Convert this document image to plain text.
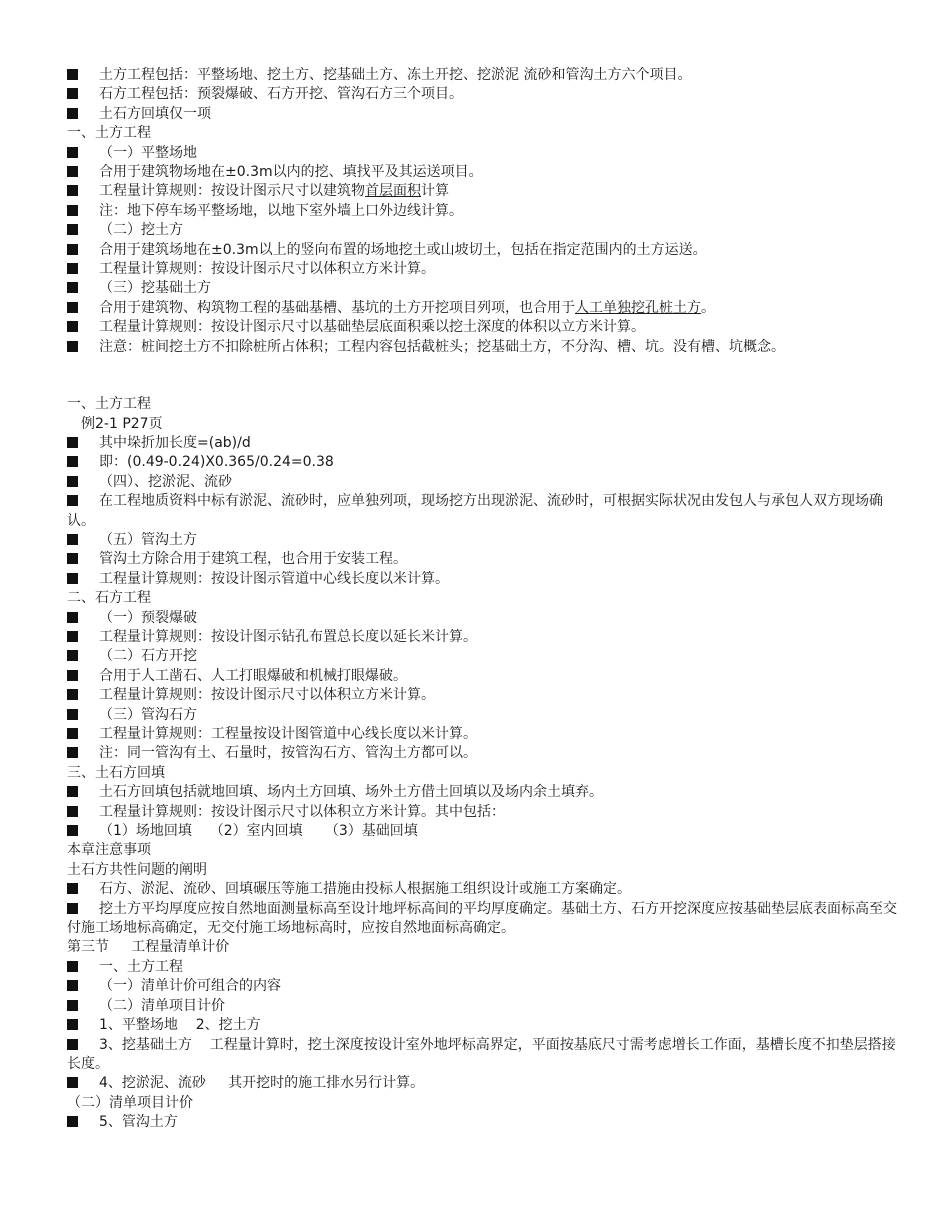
土方工程包括：平整场地、挖土方、挖基础土方、冻土开挖、挖淤泥 流砂和管沟土方六个项目。
石方工程包括：预裂爆破、石方开挖、管沟石方三个项目。
土石方回填仅一项
一、土方工程
（一）平整场地
合用于建筑物场地在±0.3m以内的挖、填找平及其运送项目。
工程量计算规则：按设计图示尺寸以建筑物首层面积计算
注：地下停车场平整场地，以地下室外墙上口外边线计算。
（二）挖土方
合用于建筑场地在±0.3m以上的竖向布置的场地挖土或山坡切土，包括在指定范围内的土方运送。
工程量计算规则：按设计图示尺寸以体积立方米计算。
（三）挖基础土方
合用于建筑物、构筑物工程的基础基槽、基坑的土方开挖项目列项，也合用于人工单独挖孔桩土方。
工程量计算规则：按设计图示尺寸以基础垫层底面积乘以挖土深度的体积以立方米计算。
注意：桩间挖土方不扣除桩所占体积；工程内容包括截桩头；挖基础土方，不分沟、槽、坑。没有槽、坑概念。
一、土方工程
例2-1 P27页
其中垛折加长度=(ab)/d
即：(0.49-0.24)X0.365/0.24=0.38
（四）、挖淤泥、流砂
在工程地质资料中标有淤泥、流砂时，应单独列项，现场挖方出现淤泥、流砂时，可根据实际状况由发包人与承包人双方现场确认。
（五）管沟土方
管沟土方除合用于建筑工程，也合用于安装工程。
工程量计算规则：按设计图示管道中心线长度以米计算。
二、石方工程
（一）预裂爆破
工程量计算规则：按设计图示钻孔布置总长度以延长米计算。
（二）石方开挖
合用于人工凿石、人工打眼爆破和机械打眼爆破。
工程量计算规则：按设计图示尺寸以体积立方米计算。
（三）管沟石方
工程量计算规则：工程量按设计图管道中心线长度以米计算。
注：同一管沟有土、石量时，按管沟石方、管沟土方都可以。
三、土石方回填
土石方回填包括就地回填、场内土方回填、场外土方借土回填以及场内余土填弃。
工程量计算规则：按设计图示尺寸以体积立方米计算。其中包括：
（1）场地回填    （2）室内回填     （3）基础回填
本章注意事项
土石方共性问题的阐明
石方、淤泥、流砂、回填碾压等施工措施由投标人根据施工组织设计或施工方案确定。
挖土方平均厚度应按自然地面测量标高至设计地坪标高间的平均厚度确定。基础土方、石方开挖深度应按基础垫层底表面标高至交付施工场地标高确定，无交付施工场地标高时，应按自然地面标高确定。
第三节     工程量清单计价
一、土方工程
（一）清单计价可组合的内容
（二）清单项目计价
1、平整场地    2、挖土方
3、挖基础土方    工程量计算时，挖土深度按设计室外地坪标高界定，平面按基底尺寸需考虑增长工作面，基槽长度不扣垫层搭接长度。
4、挖淤泥、流砂     其开挖时的施工排水另行计算。
（二）清单项目计价
5、管沟土方
